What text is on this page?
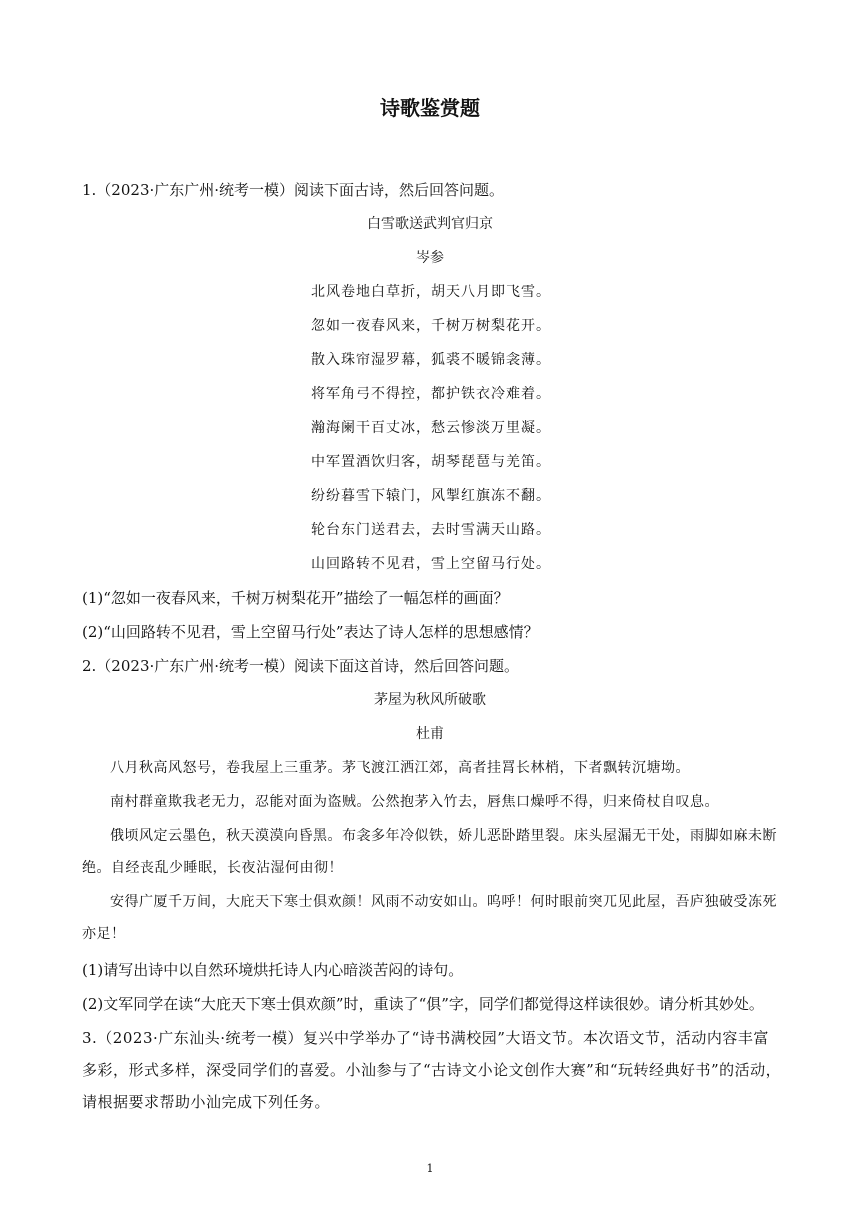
诗歌鉴赏题
1.（2023·广东广州·统考一模）阅读下面古诗，然后回答问题。
白雪歌送武判官归京
岑参
北风卷地白草折，胡天八月即飞雪。
忽如一夜春风来，千树万树梨花开。
散入珠帘湿罗幕，狐裘不暖锦衾薄。
将军角弓不得控，都护铁衣冷难着。
瀚海阑干百丈冰，愁云惨淡万里凝。
中军置酒饮归客，胡琴琵琶与羌笛。
纷纷暮雪下辕门，风掣红旗冻不翻。
轮台东门送君去，去时雪满天山路。
山回路转不见君，雪上空留马行处。
(1)“忽如一夜春风来，千树万树梨花开”描绘了一幅怎样的画面？
(2)“山回路转不见君，雪上空留马行处”表达了诗人怎样的思想感情？
2.（2023·广东广州·统考一模）阅读下面这首诗，然后回答问题。
茅屋为秋风所破歌
杜甫
八月秋高风怒号，卷我屋上三重茅。茅飞渡江洒江郊，高者挂罥长林梢，下者飘转沉塘坳。
南村群童欺我老无力，忍能对面为盗贼。公然抱茅入竹去，唇焦口燥呼不得，归来倚杖自叹息。
俄顷风定云墨色，秋天漠漠向昏黑。布衾多年冷似铁，娇儿恶卧踏里裂。床头屋漏无干处，雨脚如麻未断绝。自经丧乱少睡眠，长夜沾湿何由彻！
安得广厦千万间，大庇天下寒士俱欢颜！风雨不动安如山。呜呼！何时眼前突兀见此屋，吾庐独破受冻死亦足！
(1)请写出诗中以自然环境烘托诗人内心暗淡苦闷的诗句。
(2)文军同学在读“大庇天下寒士俱欢颜”时，重读了“俱”字，同学们都觉得这样读很妙。请分析其妙处。
3.（2023·广东汕头·统考一模）复兴中学举办了“诗书满校园”大语文节。本次语文节，活动内容丰富多彩，形式多样，深受同学们的喜爱。小汕参与了“古诗文小论文创作大赛”和“玩转经典好书”的活动，请根据要求帮助小汕完成下列任务。
1
